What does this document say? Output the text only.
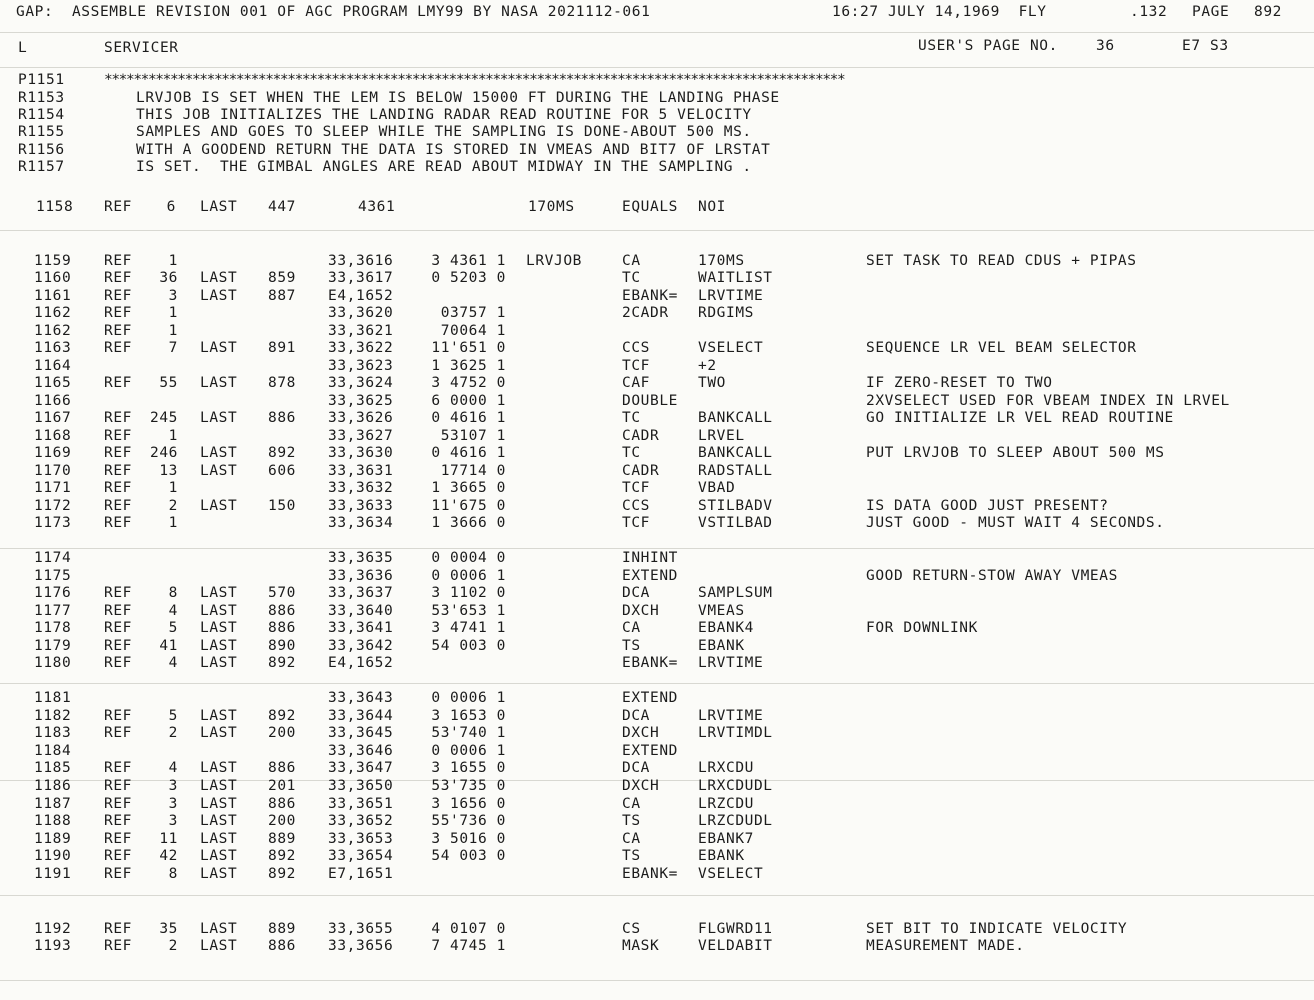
GAP:  ASSEMBLE REVISION 001 OF AGC PROGRAM LMY99 BY NASA 2021112-061	16:27 JULY 14,1969  FLY	.132 PAGE 892
L	SERVICER	USER'S PAGE NO.	36	E7 S3
P1151	*****************************************************************************************************
R1153	LRVJOB IS SET WHEN THE LEM IS BELOW 15000 FT DURING THE LANDING PHASE
R1154	THIS JOB INITIALIZES THE LANDING RADAR READ ROUTINE FOR 5 VELOCITY
R1155	SAMPLES AND GOES TO SLEEP WHILE THE SAMPLING IS DONE-ABOUT 500 MS.
R1156	WITH A GOODEND RETURN THE DATA IS STORED IN VMEAS AND BIT7 OF LRSTAT
R1157	IS SET.  THE GIMBAL ANGLES ARE READ ABOUT MIDWAY IN THE SAMPLING .
1158 REF	6 LAST	447	4361	170MS	EQUALS NOI
1159 REF	1	33,3616	3 4361 1 LRVJOB	CA	170MS	SET TASK TO READ CDUS + PIPAS
1160 REF	36 LAST	859 33,3617	0 5203 0	TC	WAITLIST
1161 REF	3 LAST	887 E4,1652	EBANK= LRVTIME
1162 REF	1	33,3620	03757 1	2CADR RDGIMS
1162 REF	1	33,3621	70064 1
1163 REF	7 LAST	891 33,3622	11'651 0	CCS	VSELECT	SEQUENCE LR VEL BEAM SELECTOR
1164	33,3623	1 3625 1	TCF	+2
1165 REF	55 LAST	878 33,3624	3 4752 0	CAF	TWO	IF ZERO-RESET TO TWO
1166	33,3625	6 0000 1	DOUBLE	2XVSELECT USED FOR VBEAM INDEX IN LRVEL
1167 REF	245 LAST	886 33,3626	0 4616 1	TC	BANKCALL	GO INITIALIZE LR VEL READ ROUTINE
1168 REF	1	33,3627	53107 1	CADR	LRVEL
1169 REF	246 LAST	892 33,3630	0 4616 1	TC	BANKCALL	PUT LRVJOB TO SLEEP ABOUT 500 MS
1170 REF	13 LAST	606 33,3631	17714 0	CADR	RADSTALL
1171 REF	1	33,3632	1 3665 0	TCF	VBAD
1172 REF	2 LAST	150 33,3633	11'675 0	CCS	STILBADV	IS DATA GOOD JUST PRESENT?
1173 REF	1	33,3634	1 3666 0	TCF	VSTILBAD	JUST GOOD - MUST WAIT 4 SECONDS.
1174	33,3635	0 0004 0	INHINT
1175	33,3636	0 0006 1	EXTEND	GOOD RETURN-STOW AWAY VMEAS
1176 REF	8 LAST	570 33,3637	3 1102 0	DCA	SAMPLSUM
1177 REF	4 LAST	886 33,3640	53'653 1	DXCH	VMEAS
1178 REF	5 LAST	886 33,3641	3 4741 1	CA	EBANK4	FOR DOWNLINK
1179 REF	41 LAST	890 33,3642	54 003 0	TS	EBANK
1180 REF	4 LAST	892 E4,1652	EBANK= LRVTIME
1181	33,3643	0 0006 1	EXTEND
1182 REF	5 LAST	892 33,3644	3 1653 0	DCA	LRVTIME
1183 REF	2 LAST	200 33,3645	53'740 1	DXCH	LRVTIMDL
1184	33,3646	0 0006 1	EXTEND
1185 REF	4 LAST	886 33,3647	3 1655 0	DCA	LRXCDU
1186 REF	3 LAST	201 33,3650	53'735 0	DXCH	LRXCDUDL
1187 REF	3 LAST	886 33,3651	3 1656 0	CA	LRZCDU
1188 REF	3 LAST	200 33,3652	55'736 0	TS	LRZCDUDL
1189 REF	11 LAST	889 33,3653	3 5016 0	CA	EBANK7
1190 REF	42 LAST	892 33,3654	54 003 0	TS	EBANK
1191 REF	8 LAST	892 E7,1651	EBANK= VSELECT
1192 REF	35 LAST	889 33,3655	4 0107 0	CS	FLGWRD11	SET BIT TO INDICATE VELOCITY
1193 REF	2 LAST	886 33,3656	7 4745 1	MASK	VELDABIT	MEASUREMENT MADE.
